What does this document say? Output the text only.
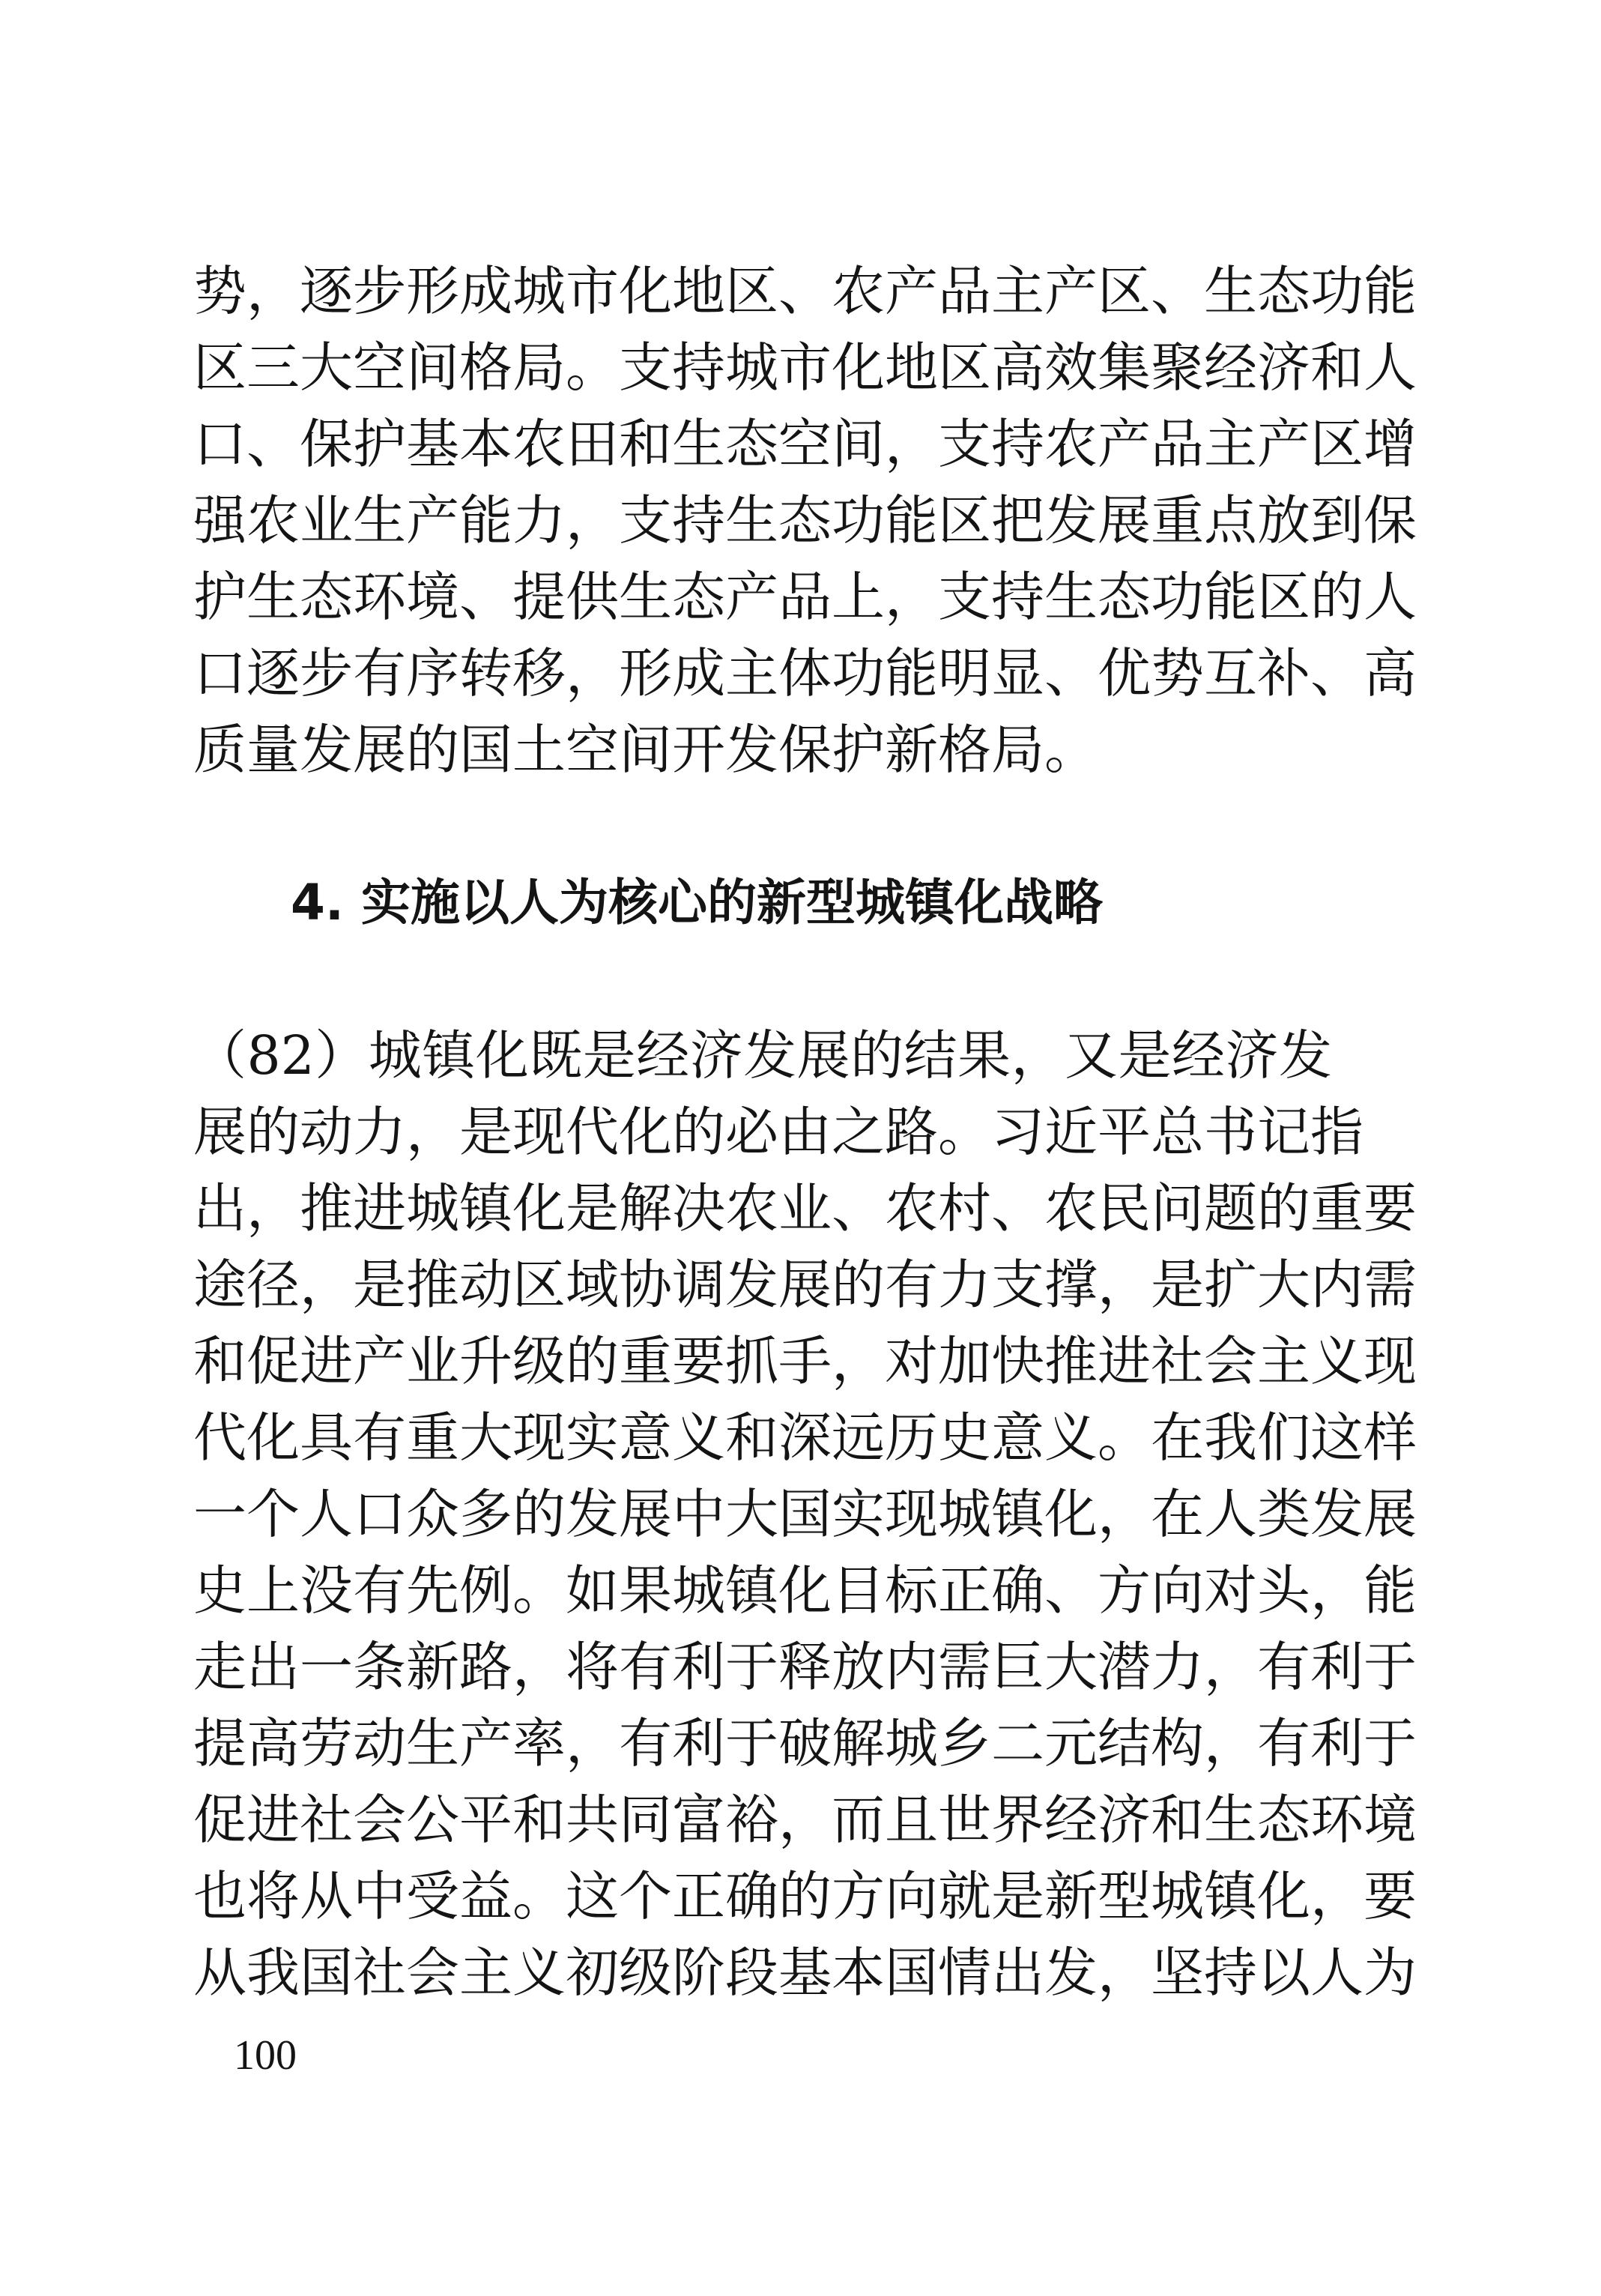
势，逐步形成城市化地区、农产品主产区、生态功能
区三大空间格局。支持城市化地区高效集聚经济和人
口、保护基本农田和生态空间，支持农产品主产区增
强农业生产能力，支持生态功能区把发展重点放到保
护生态环境、提供生态产品上，支持生态功能区的人
口逐步有序转移，形成主体功能明显、优势互补、高
质量发展的国土空间开发保护新格局。
4. 实施以人为核心的新型城镇化战略
（82）城镇化既是经济发展的结果，又是经济发
展的动力，是现代化的必由之路。习近平总书记指
出，推进城镇化是解决农业、农村、农民问题的重要
途径，是推动区域协调发展的有力支撑，是扩大内需
和促进产业升级的重要抓手，对加快推进社会主义现
代化具有重大现实意义和深远历史意义。在我们这样
一个人口众多的发展中大国实现城镇化，在人类发展
史上没有先例。如果城镇化目标正确、方向对头，能
走出一条新路，将有利于释放内需巨大潜力，有利于
提高劳动生产率，有利于破解城乡二元结构，有利于
促进社会公平和共同富裕，而且世界经济和生态环境
也将从中受益。这个正确的方向就是新型城镇化，要
从我国社会主义初级阶段基本国情出发，坚持以人为
100
